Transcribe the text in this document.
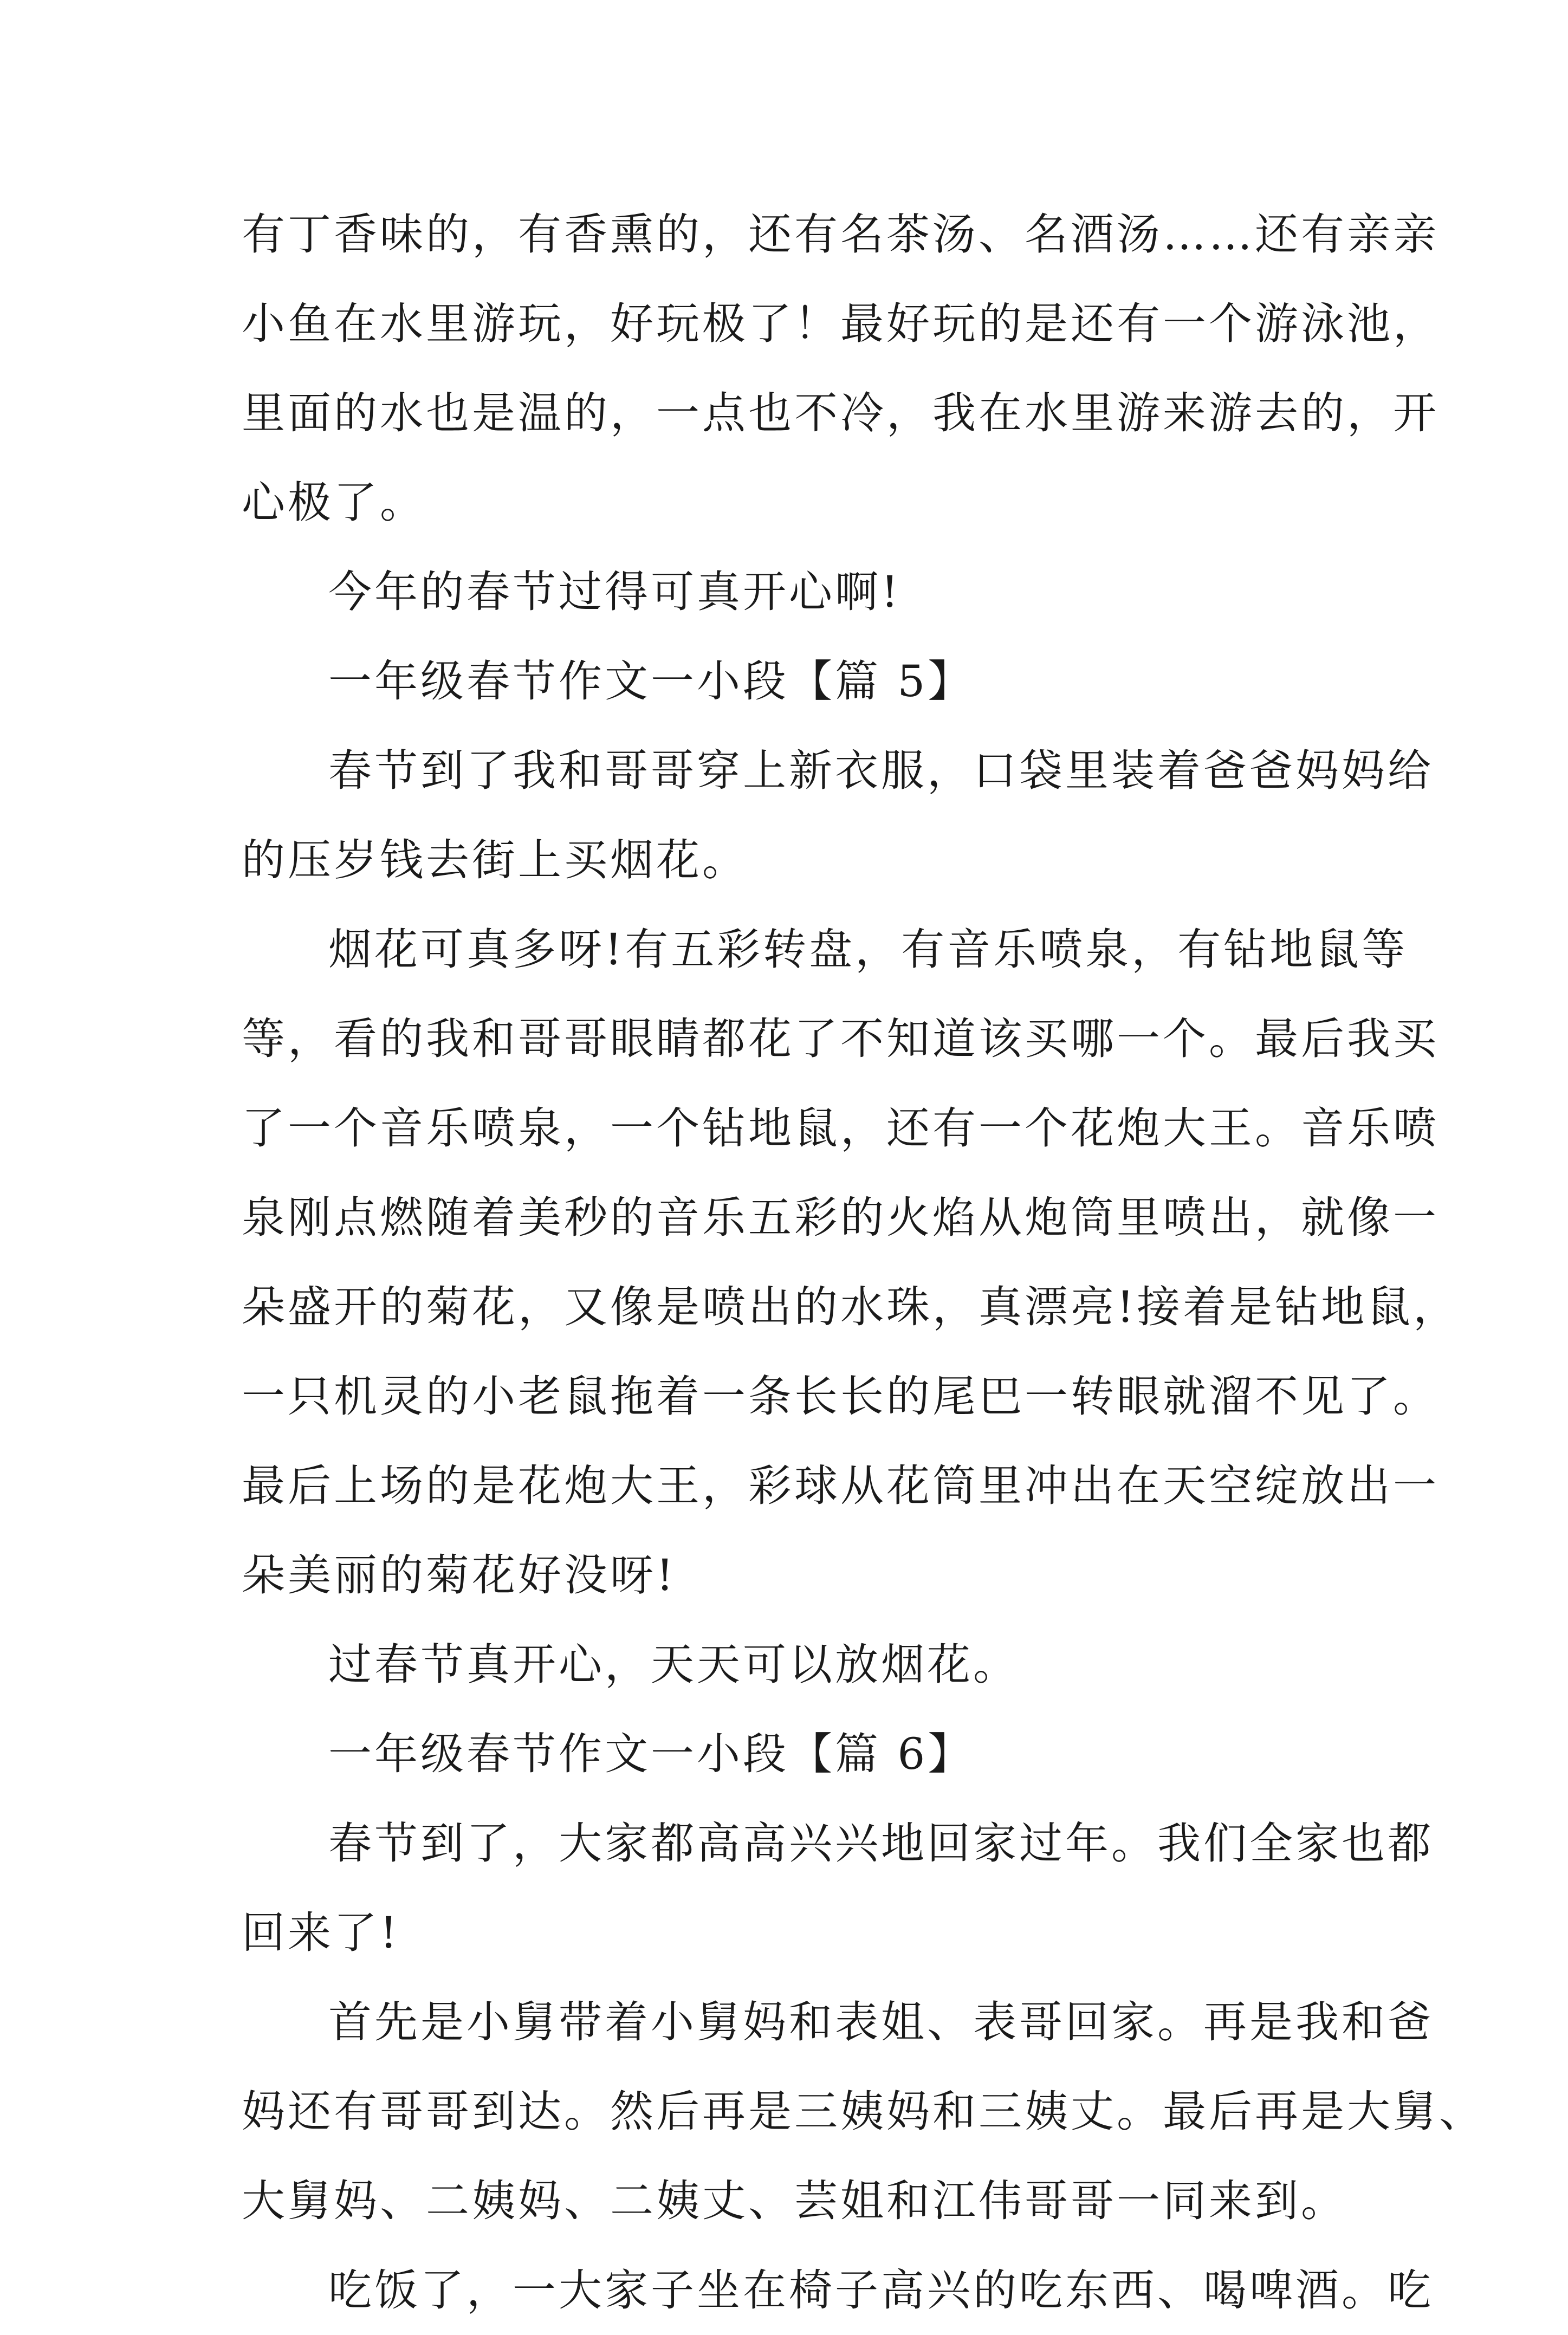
有丁香味的，有香熏的，还有名茶汤、名酒汤……还有亲亲
小鱼在水里游玩，好玩极了！最好玩的是还有一个游泳池，
里面的水也是温的，一点也不冷，我在水里游来游去的，开
心极了。
今年的春节过得可真开心啊!
一年级春节作文一小段【篇 5】
春节到了我和哥哥穿上新衣服，口袋里装着爸爸妈妈给
的压岁钱去街上买烟花。
烟花可真多呀!有五彩转盘，有音乐喷泉，有钻地鼠等
等，看的我和哥哥眼睛都花了不知道该买哪一个。最后我买
了一个音乐喷泉，一个钻地鼠，还有一个花炮大王。音乐喷
泉刚点燃随着美秒的音乐五彩的火焰从炮筒里喷出，就像一
朵盛开的菊花，又像是喷出的水珠，真漂亮!接着是钻地鼠，
一只机灵的小老鼠拖着一条长长的尾巴一转眼就溜不见了。
最后上场的是花炮大王，彩球从花筒里冲出在天空绽放出一
朵美丽的菊花好没呀!
过春节真开心，天天可以放烟花。
一年级春节作文一小段【篇 6】
春节到了，大家都高高兴兴地回家过年。我们全家也都
回来了!
首先是小舅带着小舅妈和表姐、表哥回家。再是我和爸
妈还有哥哥到达。然后再是三姨妈和三姨丈。最后再是大舅、
大舅妈、二姨妈、二姨丈、芸姐和江伟哥哥一同来到。
吃饭了，一大家子坐在椅子高兴的吃东西、喝啤酒。吃
